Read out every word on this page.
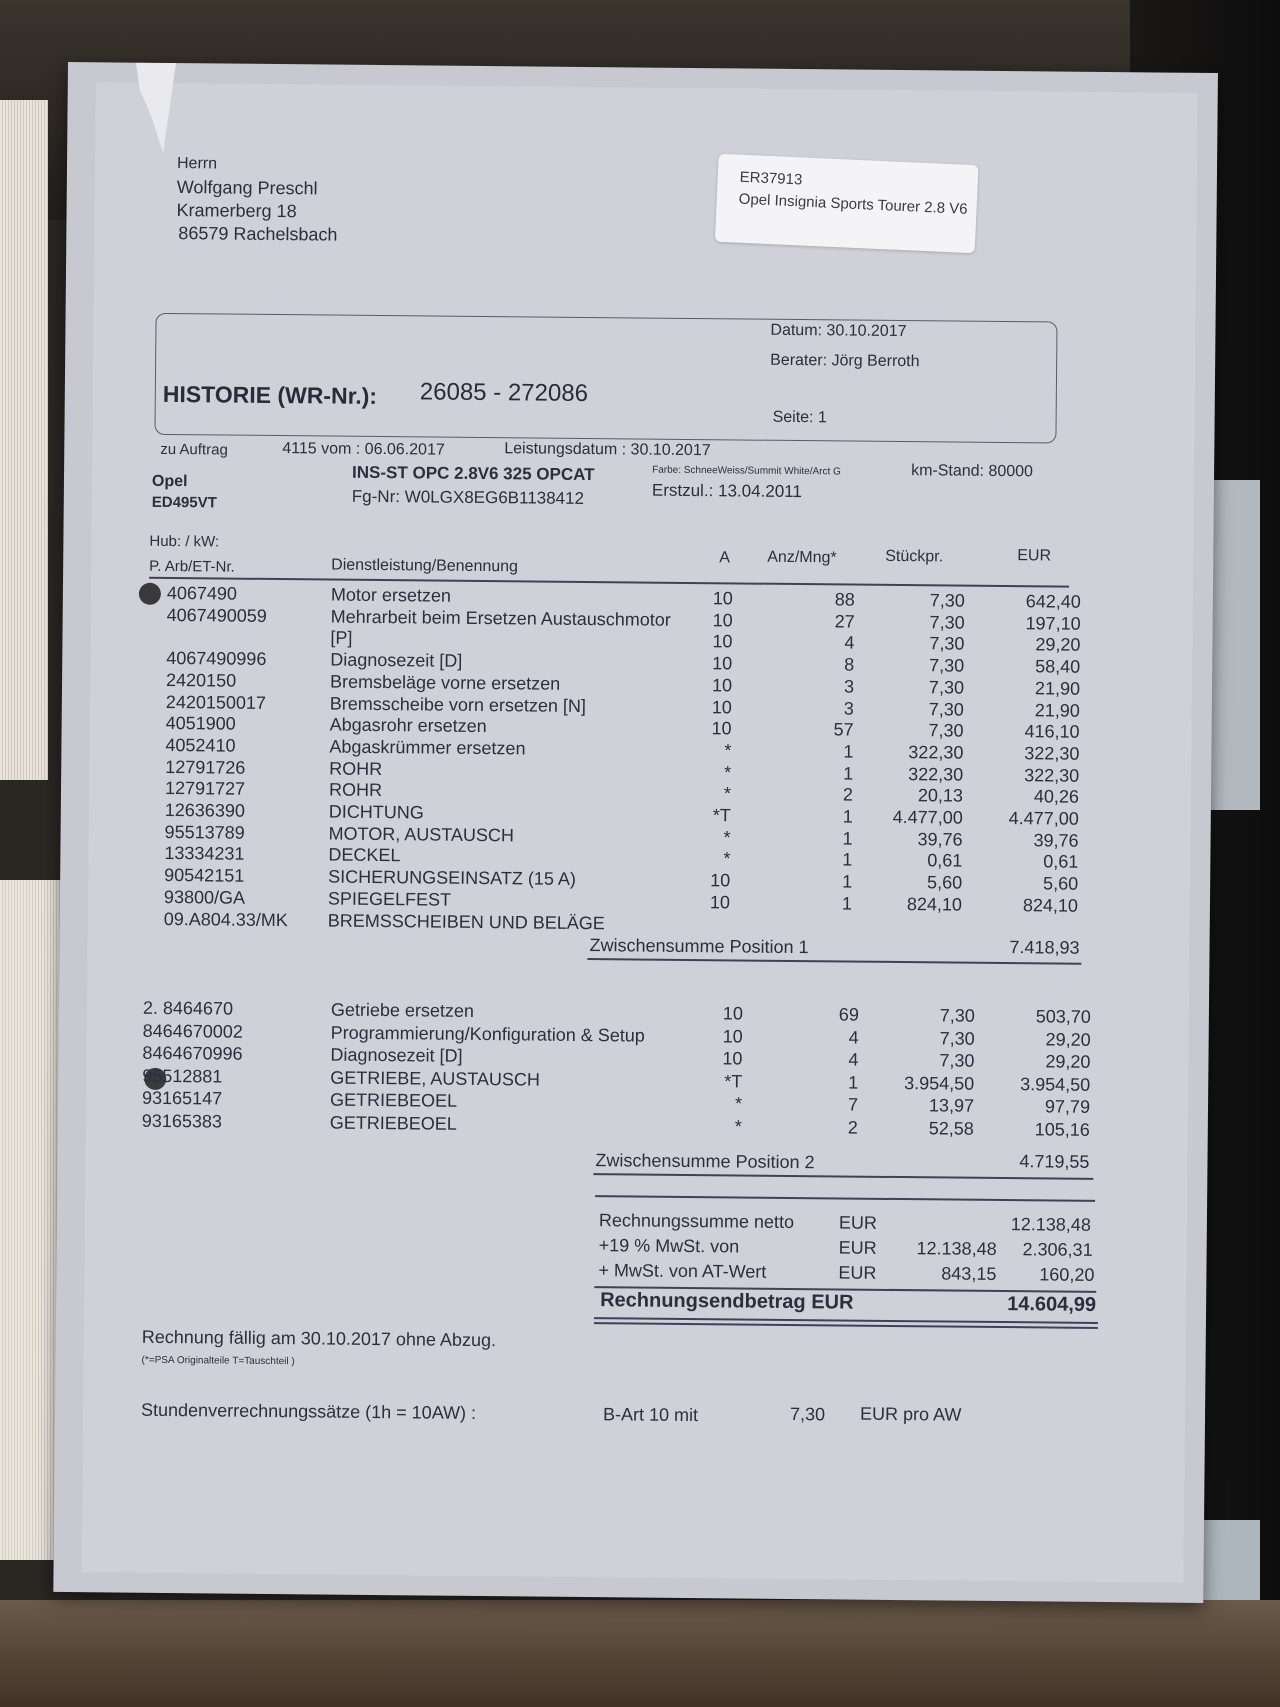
Herrn
Wolfgang Preschl
Kramerberg 18
86579 Rachelsbach
ER37913
Opel Insignia Sports Tourer 2.8 V6
Datum: 30.10.2017
Berater: Jörg Berroth
Seite: 1
HISTORIE (WR-Nr.): 26085 - 272086
zu Auftrag	4115 vom : 06.06.2017	Leistungsdatum : 30.10.2017
Opel
ED495VT
INS-ST OPC 2.8V6 325 OPCAT
Fg-Nr: W0LGX8EG6B1138412
Farbe: SchneeWeiss/Summit White/Arct G
Erstzul.: 13.04.2011
km-Stand: 80000
Hub: / kW:
P. Arb/ET-Nr.	Dienstleistung/Benennung	A Anz/Mng*	Stückpr.	EUR
4067490	Motor ersetzen	10	88	7,30	642,40
4067490059	Mehrarbeit beim Ersetzen Austauschmotor	10	27	7,30	197,10
[P]	10	4	7,30	29,20
4067490996	Diagnosezeit [D]	10	8	7,30	58,40
2420150	Bremsbeläge vorne ersetzen	10	3	7,30	21,90
2420150017	Bremsscheibe vorn ersetzen [N]	10	3	7,30	21,90
4051900	Abgasrohr ersetzen	10	57	7,30	416,10
4052410	Abgaskrümmer ersetzen	*	1	322,30	322,30
12791726	ROHR	*	1	322,30	322,30
12791727	ROHR	*	2	20,13	40,26
12636390	DICHTUNG	*T	1	4.477,00	4.477,00
95513789	MOTOR, AUSTAUSCH	*	1	39,76	39,76
13334231	DECKEL	*	1	0,61	0,61
90542151	SICHERUNGSEINSATZ (15 A)	10	1	5,60	5,60
93800/GA	SPIEGELFEST	10	1	824,10	824,10
09.A804.33/MK BREMSSCHEIBEN UND BELÄGE
Zwischensumme Position 1	7.418,93
2. 8464670	Getriebe ersetzen	10	69	7,30	503,70
8464670002	Programmierung/Konfiguration & Setup	10	4	7,30	29,20
8464670996	Diagnosezeit [D]	10	4	7,30	29,20
95512881	GETRIEBE, AUSTAUSCH	*T	1	3.954,50	3.954,50
93165147	GETRIEBEOEL	*	7	13,97	97,79
93165383	GETRIEBEOEL	*	2	52,58	105,16
Zwischensumme Position 2	4.719,55
Rechnungssumme netto EUR	12.138,48
+19 % MwSt. von	EUR	12.138,48	2.306,31
+ MwSt. von AT-Wert	EUR	843,15	160,20
Rechnungsendbetrag EUR	14.604,99
Rechnung fällig am 30.10.2017 ohne Abzug.
(*=PSA Originalteile T=Tauschteil )
Stundenverrechnungssätze (1h = 10AW) :	B-Art 10 mit	7,30 EUR pro AW
